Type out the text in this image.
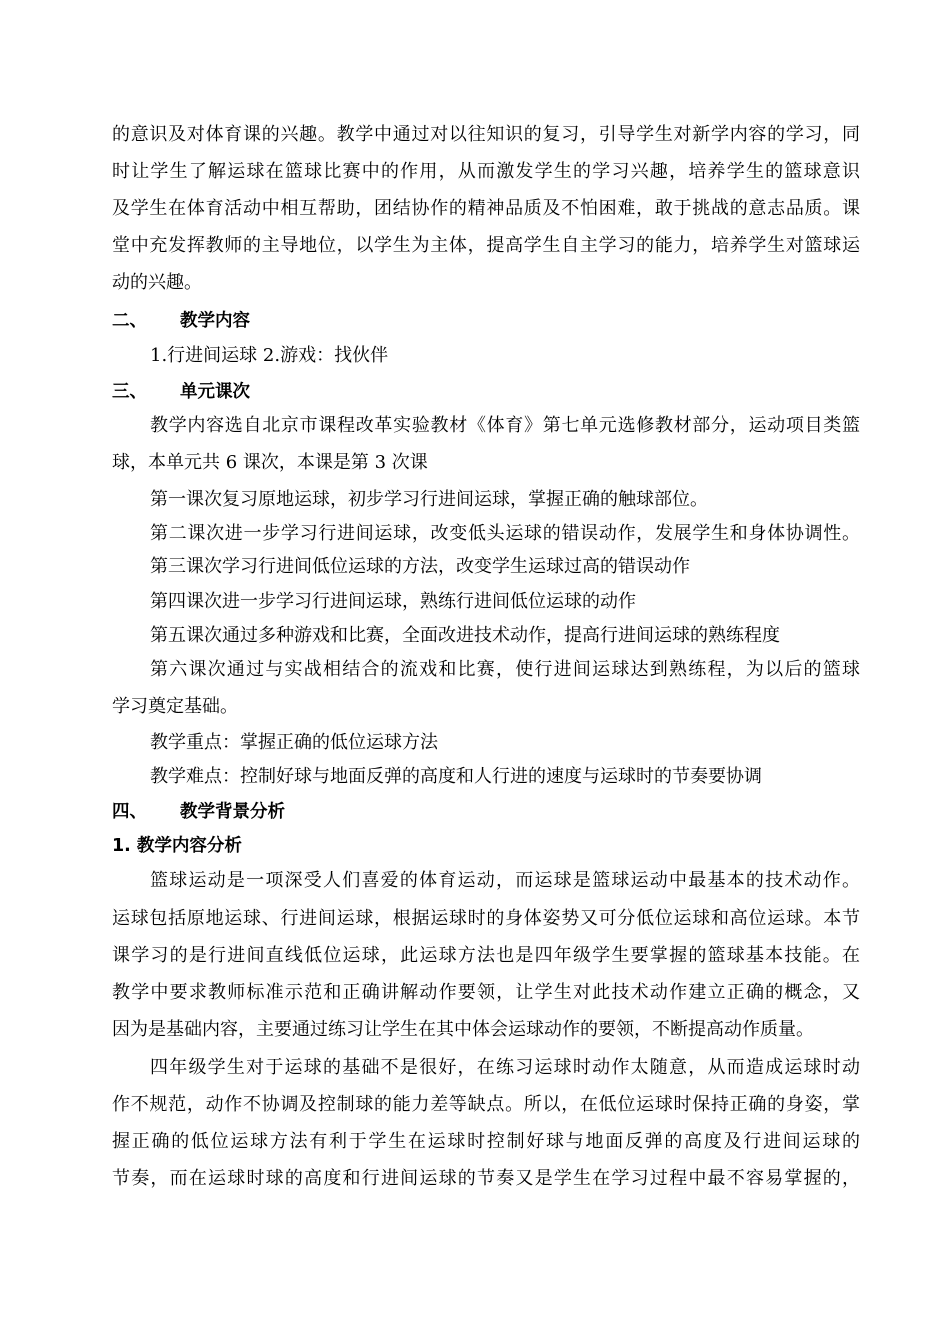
的意识及对体育课的兴趣。教学中通过对以往知识的复习，引导学生对新学内容的学习，同
时让学生了解运球在篮球比赛中的作用，从而激发学生的学习兴趣，培养学生的篮球意识
及学生在体育活动中相互帮助，团结协作的精神品质及不怕困难，敢于挑战的意志品质。课
堂中充发挥教师的主导地位，以学生为主体，提高学生自主学习的能力，培养学生对篮球运
动的兴趣。
二、 教学内容
1.行进间运球 2.游戏：找伙伴
三、 单元课次
教学内容选自北京市课程改革实验教材《体育》第七单元选修教材部分，运动项目类篮
球，本单元共 6 课次，本课是第 3 次课
第一课次复习原地运球，初步学习行进间运球，掌握正确的触球部位。
第二课次进一步学习行进间运球，改变低头运球的错误动作，发展学生和身体协调性。
第三课次学习行进间低位运球的方法，改变学生运球过高的错误动作
第四课次进一步学习行进间运球，熟练行进间低位运球的动作
第五课次通过多种游戏和比赛，全面改进技术动作，提高行进间运球的熟练程度
第六课次通过与实战相结合的流戏和比赛，使行进间运球达到熟练程，为以后的篮球
学习奠定基础。
教学重点：掌握正确的低位运球方法
教学难点：控制好球与地面反弹的高度和人行进的速度与运球时的节奏要协调
四、 教学背景分析
1. 教学内容分析
篮球运动是一项深受人们喜爱的体育运动，而运球是篮球运动中最基本的技术动作。
运球包括原地运球、行进间运球，根据运球时的身体姿势又可分低位运球和高位运球。本节
课学习的是行进间直线低位运球，此运球方法也是四年级学生要掌握的篮球基本技能。在
教学中要求教师标准示范和正确讲解动作要领，让学生对此技术动作建立正确的概念，又
因为是基础内容，主要通过练习让学生在其中体会运球动作的要领，不断提高动作质量。
四年级学生对于运球的基础不是很好，在练习运球时动作太随意，从而造成运球时动
作不规范，动作不协调及控制球的能力差等缺点。所以，在低位运球时保持正确的身姿，掌
握正确的低位运球方法有利于学生在运球时控制好球与地面反弹的高度及行进间运球的
节奏，而在运球时球的高度和行进间运球的节奏又是学生在学习过程中最不容易掌握的，
